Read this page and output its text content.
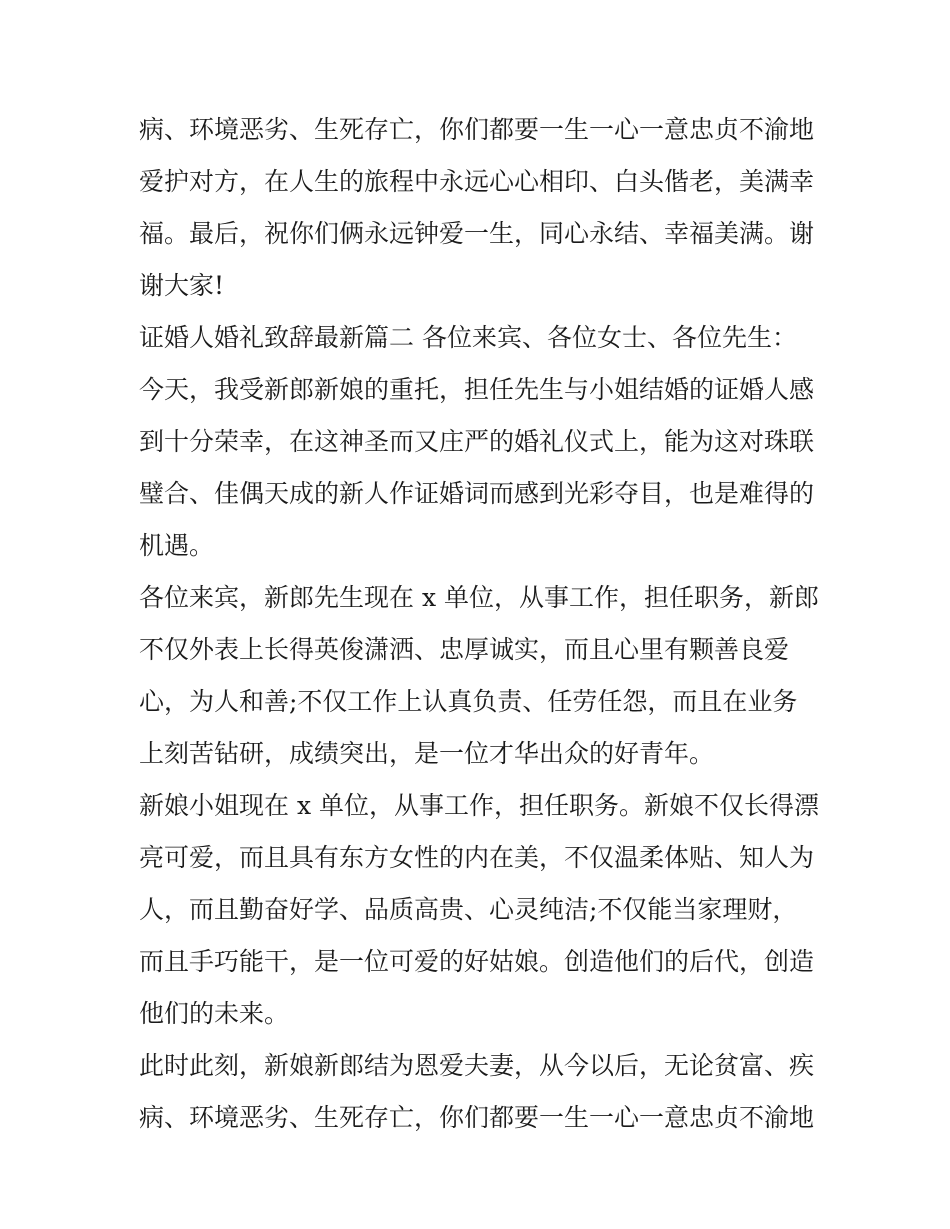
病、环境恶劣、生死存亡，你们都要一生一心一意忠贞不渝地
爱护对方，在人生的旅程中永远心心相印、白头偕老，美满幸
福。最后，祝你们俩永远钟爱一生，同心永结、幸福美满。谢
谢大家!
证婚人婚礼致辞最新篇二 各位来宾、各位女士、各位先生：
今天，我受新郎新娘的重托，担任先生与小姐结婚的证婚人感
到十分荣幸，在这神圣而又庄严的婚礼仪式上，能为这对珠联
璧合、佳偶天成的新人作证婚词而感到光彩夺目，也是难得的
机遇。
各位来宾，新郎先生现在 x 单位，从事工作，担任职务，新郎
不仅外表上长得英俊潇洒、忠厚诚实，而且心里有颗善良爱
心，为人和善;不仅工作上认真负责、任劳任怨，而且在业务
上刻苦钻研，成绩突出，是一位才华出众的好青年。
新娘小姐现在 x 单位，从事工作，担任职务。新娘不仅长得漂
亮可爱，而且具有东方女性的内在美，不仅温柔体贴、知人为
人，而且勤奋好学、品质高贵、心灵纯洁;不仅能当家理财，
而且手巧能干，是一位可爱的好姑娘。创造他们的后代，创造
他们的未来。
此时此刻，新娘新郎结为恩爱夫妻，从今以后，无论贫富、疾
病、环境恶劣、生死存亡，你们都要一生一心一意忠贞不渝地
